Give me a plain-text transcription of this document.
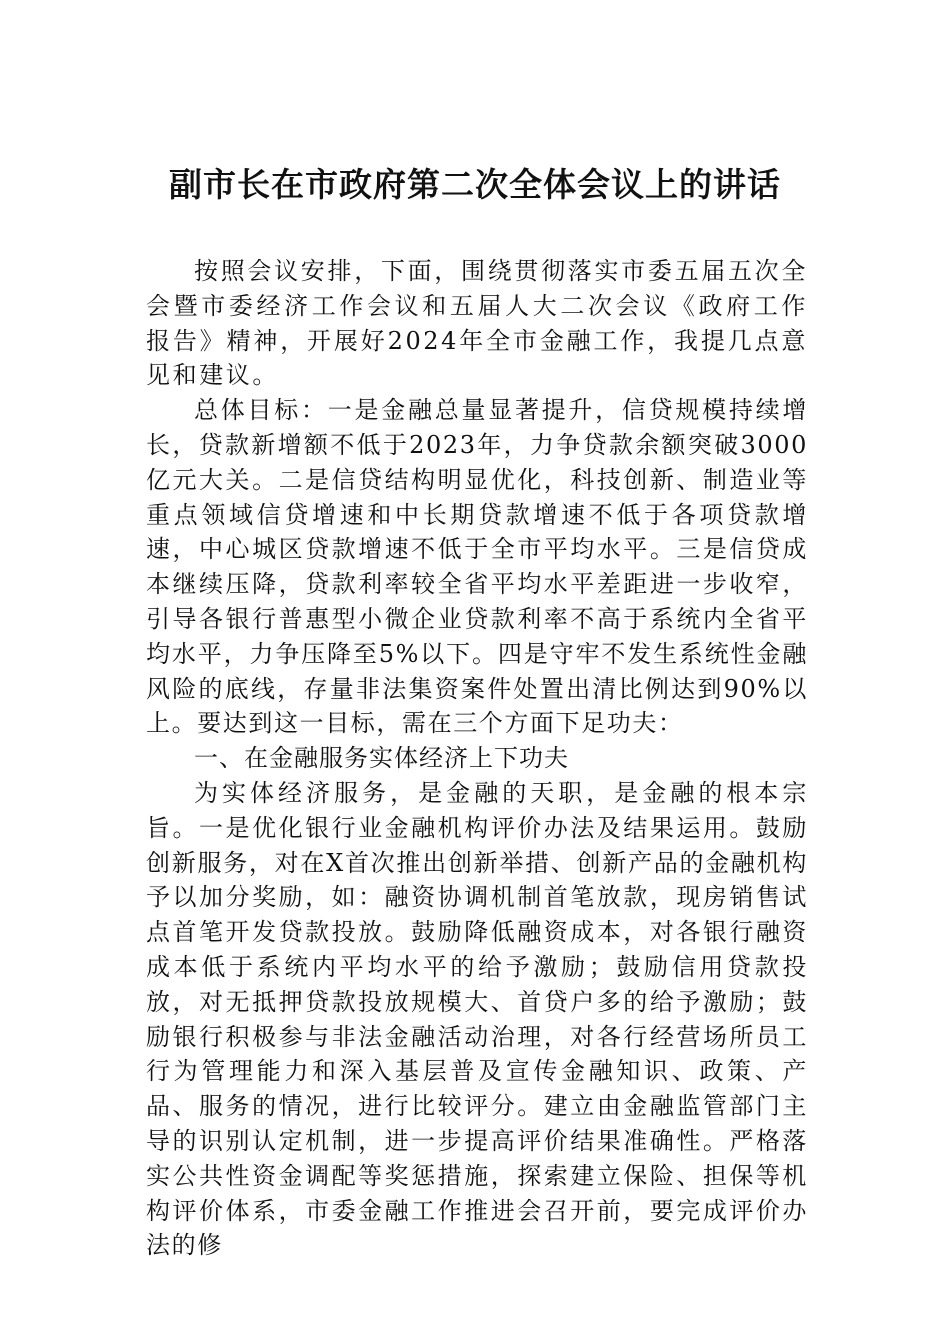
副市长在市政府第二次全体会议上的讲话

按照会议安排，下面，围绕贯彻落实市委五届五次全会暨市委经济工作会议和五届人大二次会议《政府工作报告》精神，开展好2024年全市金融工作，我提几点意见和建议。

总体目标：一是金融总量显著提升，信贷规模持续增长，贷款新增额不低于2023年，力争贷款余额突破3000亿元大关。二是信贷结构明显优化，科技创新、制造业等重点领域信贷增速和中长期贷款增速不低于各项贷款增速，中心城区贷款增速不低于全市平均水平。三是信贷成本继续压降，贷款利率较全省平均水平差距进一步收窄，引导各银行普惠型小微企业贷款利率不高于系统内全省平均水平，力争压降至5%以下。四是守牢不发生系统性金融风险的底线，存量非法集资案件处置出清比例达到90%以上。要达到这一目标，需在三个方面下足功夫：

一、在金融服务实体经济上下功夫

为实体经济服务，是金融的天职，是金融的根本宗旨。一是优化银行业金融机构评价办法及结果运用。鼓励创新服务，对在X首次推出创新举措、创新产品的金融机构予以加分奖励，如：融资协调机制首笔放款，现房销售试点首笔开发贷款投放。鼓励降低融资成本，对各银行融资成本低于系统内平均水平的给予激励；鼓励信用贷款投放，对无抵押贷款投放规模大、首贷户多的给予激励；鼓励银行积极参与非法金融活动治理，对各行经营场所员工行为管理能力和深入基层普及宣传金融知识、政策、产品、服务的情况，进行比较评分。建立由金融监管部门主导的识别认定机制，进一步提高评价结果准确性。严格落实公共性资金调配等奖惩措施，探索建立保险、担保等机构评价体系，市委金融工作推进会召开前，要完成评价办法的修
